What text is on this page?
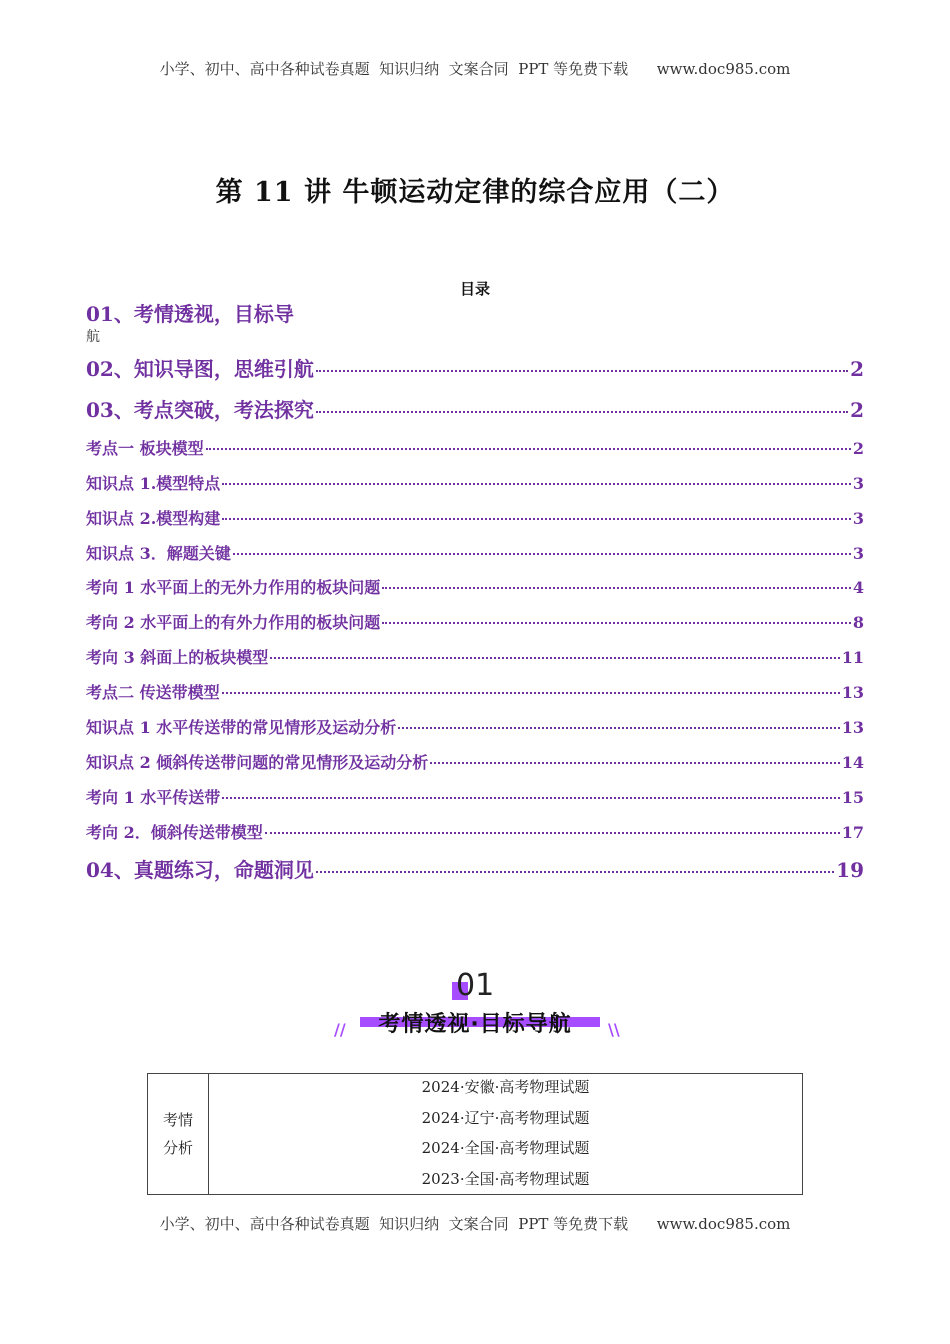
小学、初中、高中各种试卷真题  知识归纳  文案合同  PPT 等免费下载      www.doc985.com
第 11 讲 牛顿运动定律的综合应用（二）
目录
01、考情透视，目标导
航
02、知识导图，思维引航	2
03、考点突破，考法探究	2
考点一 板块模型	2
知识点 1.模型特点	3
知识点 2.模型构建	3
知识点 3．解题关键	3
考向 1 水平面上的无外力作用的板块问题	4
考向 2 水平面上的有外力作用的板块问题	8
考向 3 斜面上的板块模型	11
考点二 传送带模型	13
知识点 1 水平传送带的常见情形及运动分析	13
知识点 2 倾斜传送带问题的常见情形及运动分析	14
考向 1 水平传送带	15
考向 2．倾斜传送带模型	17
04、真题练习，命题洞见	19
01
//	考情透视·目标导航	\\
考情
分析
2024·安徽·高考物理试题
2024·辽宁·高考物理试题
2024·全国·高考物理试题
2023·全国·高考物理试题
小学、初中、高中各种试卷真题  知识归纳  文案合同  PPT 等免费下载      www.doc985.com
